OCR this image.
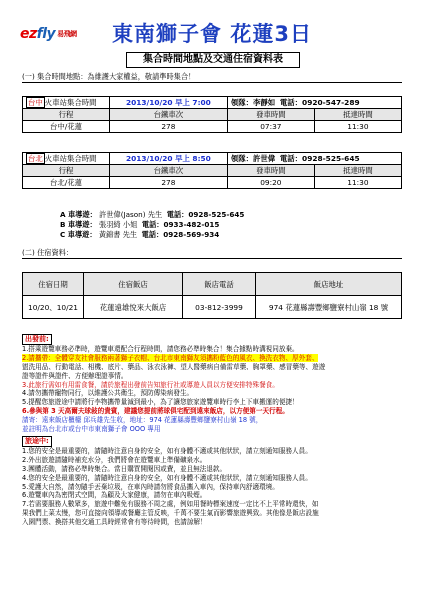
ezfly 易飛網	東南獅子會 花蓮3日
集合時間地點及交通住宿資料表
(一) 集合時間地點：為維護大家權益，敬請準時集合！
台中 火車站集合時間	2013/10/20 早上 7:00	領隊：李靜如 電話：0920-547-289	
行程	台鐵車次	發車時間	抵達時間
台中/花蓮	278	07:37	11:30
台北 火車站集合時間	2013/10/20 早上 8:50	領隊：許世偉 電話：0928-525-645	
行程	台鐵車次	發車時間	抵達時間
台北/花蓮	278	09:20	11:30
A 車導遊： 許世偉(Jason) 先生 電話：0928-525-645
B 車導遊： 張羽綺 小姐 電話：0933-482-015
C 車導遊： 黃錦書 先生 電話：0928-569-934
(二) 住宿資料：
住宿日期	住宿飯店	飯店電話	飯店地址
10/20、10/21	花蓮遠雄悅來大飯店	03-812-3999	974 花蓮縣壽豐鄉鹽寮村山嶺 18 號
出發前:

1.搭乘遊覽車務必準時，遊覽車還配合行程時間，請您務必準時集合！集合據點時溝視同放棄。

2.請攜帶：全體穿友社會服務兩著獅子衣帽、台北市東南獅友須攜粉藍色的風衣、換洗衣物、厚外套、

盥洗用品、行動電話、相機、底片、藥品、泳衣泳褲、望人醫藥病自備雷草藥、胸罩藥、感冒藥等、遊遊

證等證件與證件、方便辦理證事情。

3.此旅行需如有用雷食餐，請於旅程出發前告知旅行社或導遊人員以方便安排特殊餐食。

4.請勿攜帶寵物同行，以維護公共衛生，預防傳染病發生。

5.提醒您旅遊途中請將行李物攜帶量減到最小，為了讓您旅家遊覽車時行李上下車搬運的便捷！

6.參與第 3 天高爾夫球敍的貴賓，建議您提前將球俱宅配到遠來飯店，以方便第一天行程。

請寄：遠來飯店櫃檯 邱兵雄先生收，地址：974 花蓮縣壽豐鄉鹽寮村山嶺 18 號，

並註明為台北市或台中市東南獅子會 OOO 專用

旅途中:

1.您的安全是最重要的，請隨時注意自身的安全，如有身體不適或其他狀狀，請立刻通知服務人員。

2.外出旅遊請隨時補充水分，我們將會在遊覽車上準備礦泉水。

3.團體活動，請務必準時集合。當日購買開閱因或費，並且無法退款。

4.您的安全是最重要的，請隨時注意自身的安全，如有身體不適或其他狀狀，請立刻通知服務人員。

5.愛護大自然，請勿隨手丟棄垃圾，在車內時請勿將食品攜入車內，保持車內舒適環境。

6.遊覽車內為密閉式空間，為顧及大家健康，請勿在車內吸煙。

7.若需要服務人數眾多，旅遊中難免有服務不周之處，例如用餐時標案速度一定比不上平常時還快，如

果我們上菜太慢，您可直接向領導或餐廳主管反映，千萬不要生氣而影響旅遊興致。其他像是飯店設施

入園門票、換搭其他交通工具時經常會有等待時間，也請諒解！
